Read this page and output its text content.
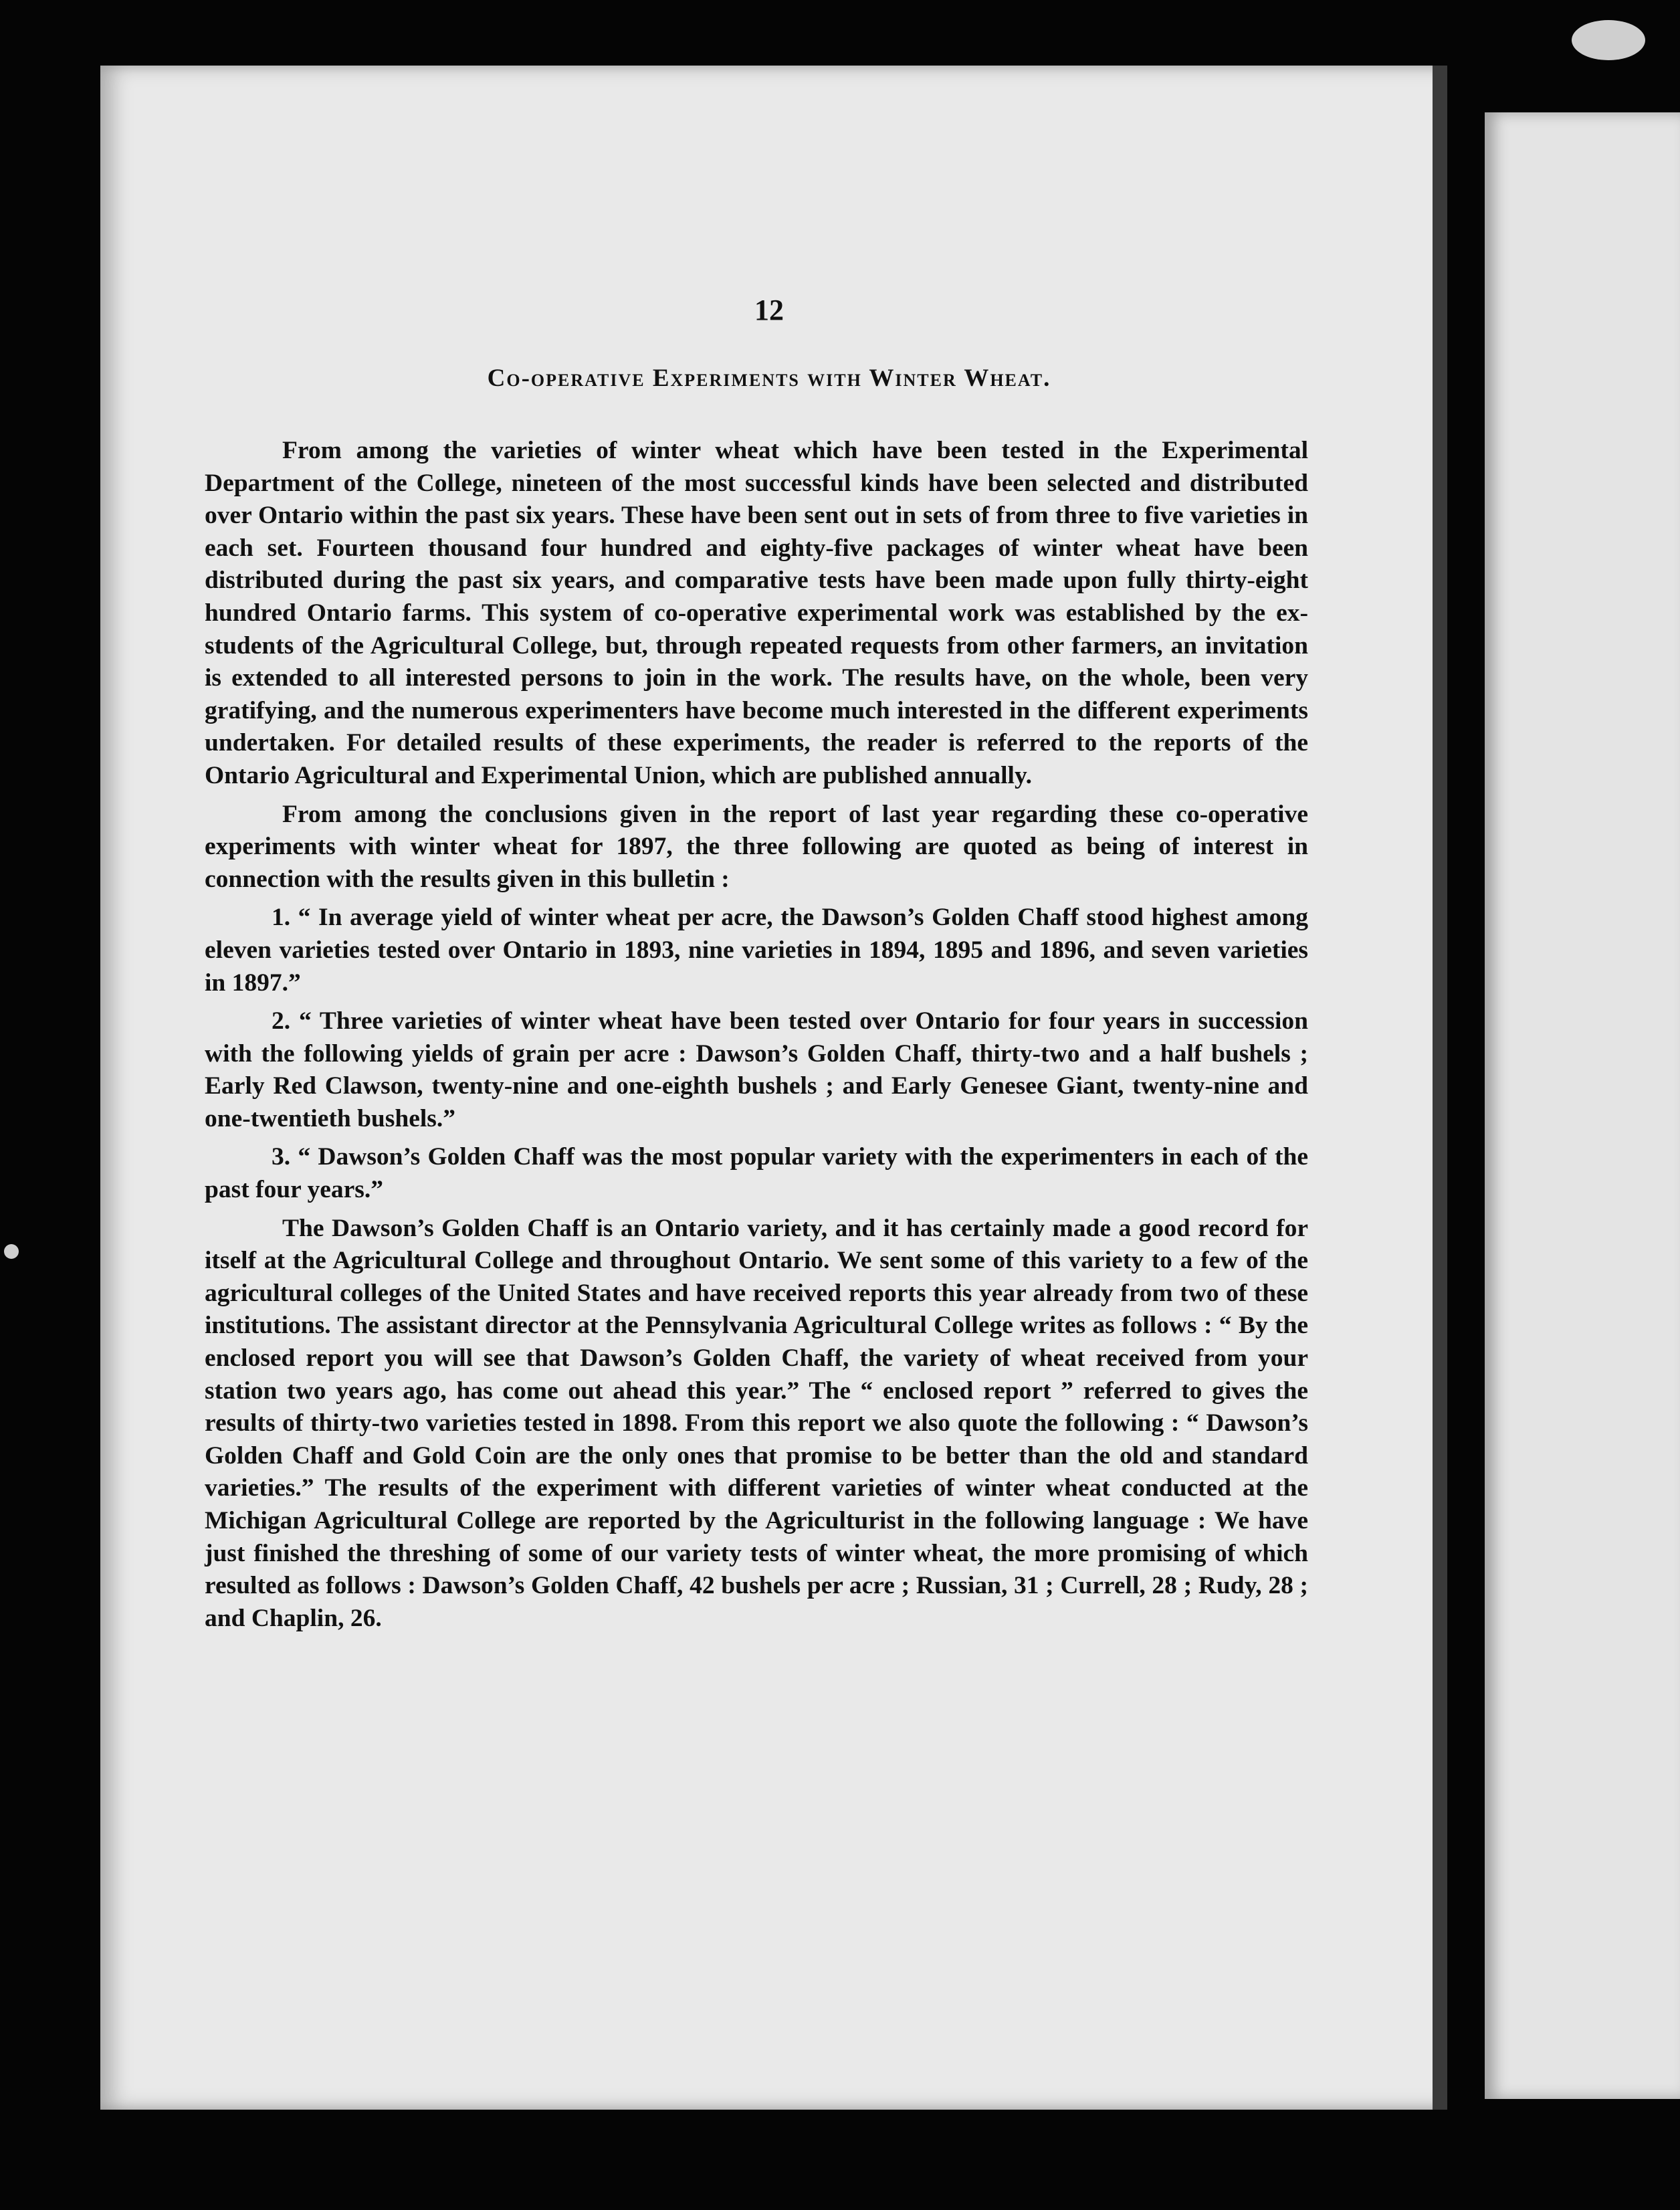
12
Co-operative Experiments with Winter Wheat.

From among the varieties of winter wheat which have been tested in the Experimental Department of the College, nineteen of the most successful kinds have been selected and distributed over Ontario within the past six years. These have been sent out in sets of from three to five varieties in each set. Fourteen thousand four hundred and eighty-five packages of winter wheat have been distributed during the past six years, and comparative tests have been made upon fully thirty-eight hundred Ontario farms. This system of co-operative experimental work was established by the ex-students of the Agricultural College, but, through repeated requests from other farmers, an invitation is extended to all interested persons to join in the work. The results have, on the whole, been very gratifying, and the numerous experimenters have become much interested in the different experiments undertaken. For detailed results of these experiments, the reader is referred to the reports of the Ontario Agricultural and Experimental Union, which are published annually.

From among the conclusions given in the report of last year regarding these co-operative experiments with winter wheat for 1897, the three following are quoted as being of interest in connection with the results given in this bulletin :

1. “ In average yield of winter wheat per acre, the Dawson’s Golden Chaff stood highest among eleven varieties tested over Ontario in 1893, nine varieties in 1894, 1895 and 1896, and seven varieties in 1897.”

2. “ Three varieties of winter wheat have been tested over Ontario for four years in succession with the following yields of grain per acre : Dawson’s Golden Chaff, thirty-two and a half bushels ; Early Red Clawson, twenty-nine and one-eighth bushels ; and Early Genesee Giant, twenty-nine and one-twentieth bushels.”

3. “ Dawson’s Golden Chaff was the most popular variety with the experimenters in each of the past four years.”

The Dawson’s Golden Chaff is an Ontario variety, and it has certainly made a good record for itself at the Agricultural College and throughout Ontario. We sent some of this variety to a few of the agricultural colleges of the United States and have received reports this year already from two of these institutions. The assistant director at the Pennsylvania Agricultural College writes as follows : “ By the enclosed report you will see that Dawson’s Golden Chaff, the variety of wheat received from your station two years ago, has come out ahead this year.” The “ enclosed report ” referred to gives the results of thirty-two varieties tested in 1898. From this report we also quote the following : “ Dawson’s Golden Chaff and Gold Coin are the only ones that promise to be better than the old and standard varieties.” The results of the experiment with different varieties of winter wheat conducted at the Michigan Agricultural College are reported by the Agriculturist in the following language : We have just finished the threshing of some of our variety tests of winter wheat, the more promising of which resulted as follows : Dawson’s Golden Chaff, 42 bushels per acre ; Russian, 31 ; Currell, 28 ; Rudy, 28 ; and Chaplin, 26.
